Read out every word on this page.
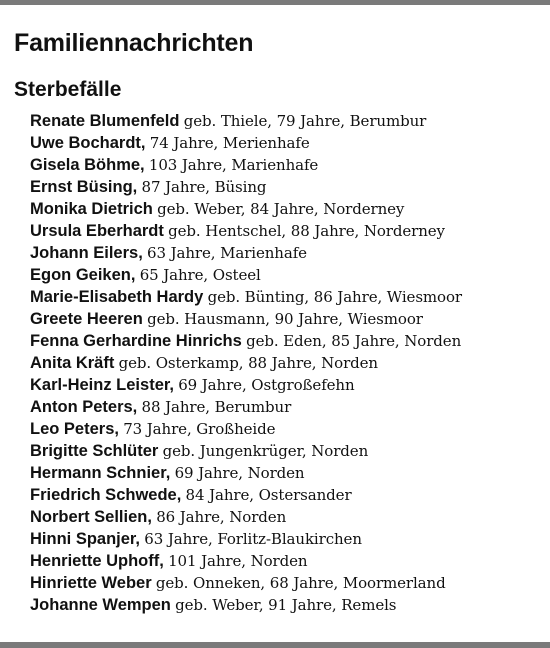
Familiennachrichten
Sterbefälle
Renate Blumenfeld geb. Thiele, 79 Jahre, Berumbur
Uwe Bochardt, 74 Jahre, Merienhafe
Gisela Böhme, 103 Jahre, Marienhafe
Ernst Büsing, 87 Jahre, Büsing
Monika Dietrich geb. Weber, 84 Jahre, Norderney
Ursula Eberhardt geb. Hentschel, 88 Jahre, Norderney
Johann Eilers, 63 Jahre, Marienhafe
Egon Geiken, 65 Jahre, Osteel
Marie-Elisabeth Hardy geb. Bünting, 86 Jahre, Wiesmoor
Greete Heeren geb. Hausmann, 90 Jahre, Wiesmoor
Fenna Gerhardine Hinrichs geb. Eden, 85 Jahre, Norden
Anita Kräft geb. Osterkamp, 88 Jahre, Norden
Karl-Heinz Leister, 69 Jahre, Ostgroßefehn
Anton Peters, 88 Jahre, Berumbur
Leo Peters, 73 Jahre, Großheide
Brigitte Schlüter geb. Jungenkrüger, Norden
Hermann Schnier, 69 Jahre, Norden
Friedrich Schwede, 84 Jahre, Ostersander
Norbert Sellien, 86 Jahre, Norden
Hinni Spanjer, 63 Jahre, Forlitz-Blaukirchen
Henriette Uphoff, 101 Jahre, Norden
Hinriette Weber geb. Onneken, 68 Jahre, Moormerland
Johanne Wempen geb. Weber, 91 Jahre, Remels
